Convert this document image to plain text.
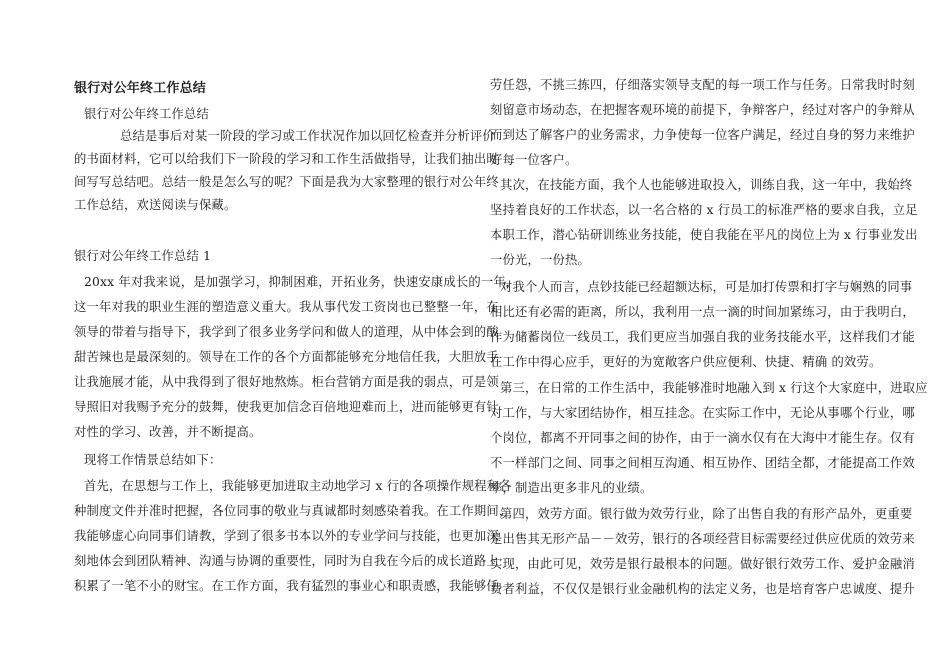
银行对公年终工作总结

银行对公年终工作总结

总结是事后对某一阶段的学习或工作状况作加以回忆检查并分析评价

的书面材料，它可以给我们下一阶段的学习和工作生活做指导，让我们抽出时

间写写总结吧。总结一般是怎么写的呢？下面是我为大家整理的银行对公年终

工作总结，欢送阅读与保藏。

银行对公年终工作总结 1

20xx 年对我来说，是加强学习，抑制困难，开拓业务，快速安康成长的一年，

这一年对我的职业生涯的塑造意义重大。我从事代发工资岗也已整整一年，在

领导的带着与指导下，我学到了很多业务学问和做人的道理，从中体会到的酸

甜苦辣也是最深刻的。领导在工作的各个方面都能够充分地信任我，大胆放手

让我施展才能，从中我得到了很好地熬炼。柜台营销方面是我的弱点，可是领

导照旧对我赐予充分的鼓舞，使我更加信念百倍地迎难而上，进而能够更有针

对性的学习、改善，并不断提高。

现将工作情景总结如下：

首先，在思想与工作上，我能够更加进取主动地学习 x 行的各项操作规程和各

种制度文件并准时把握，各位同事的敬业与真诚都时刻感染着我。在工作期间，

我能够虚心向同事们请教，学到了很多书本以外的专业学问与技能，也更加深

刻地体会到团队精神、沟通与协调的重要性，同时为自我在今后的成长道路上

积累了一笔不小的财宝。在工作方面，我有猛烈的事业心和职责感，我能够任

劳任怨，不挑三拣四，仔细落实领导支配的每一项工作与任务。日常我时时刻

刻留意市场动态，在把握客观环境的前提下，争辩客户，经过对客户的争辩从

而到达了解客户的业务需求，力争使每一位客户满足，经过自身的努力来维护

好每一位客户。

其次，在技能方面，我个人也能够进取投入，训练自我，这一年中，我始终

坚持着良好的工作状态，以一名合格的 x 行员工的标准严格的要求自我，立足

本职工作，潜心钻研训练业务技能，使自我能在平凡的岗位上为 x 行事业发出

一份光，一份热。

对我个人而言，点钞技能已经超额达标，可是加打传票和打字与娴熟的同事

相比还有必需的距离，所以，我利用一点一滴的时间加紧练习，由于我明白，

作为储蓄岗位一线员工，我们更应当加强自我的业务技能水平，这样我们才能

在工作中得心应手，更好的为宽敞客户供应便利、快捷、精确 的效劳。

第三，在日常的工作生活中，我能够准时地融入到 x 行这个大家庭中，进取应

对工作，与大家团结协作，相互挂念。在实际工作中，无论从事哪个行业，哪

个岗位，都离不开同事之间的协作，由于一滴水仅有在大海中才能生存。仅有

不一样部门之间、同事之间相互沟通、相互协作、团结全都，才能提高工作效

率，制造出更多非凡的业绩。

第四，效劳方面。银行做为效劳行业，除了出售自我的有形产品外，更重要

是出售其无形产品－－效劳，银行的各项经营目标需要经过供应优质的效劳来

实现，由此可见，效劳是银行最根本的问题。做好银行效劳工作、爱护金融消

费者利益，不仅仅是银行业金融机构的法定义务，也是培育客户忠诚度、提升
